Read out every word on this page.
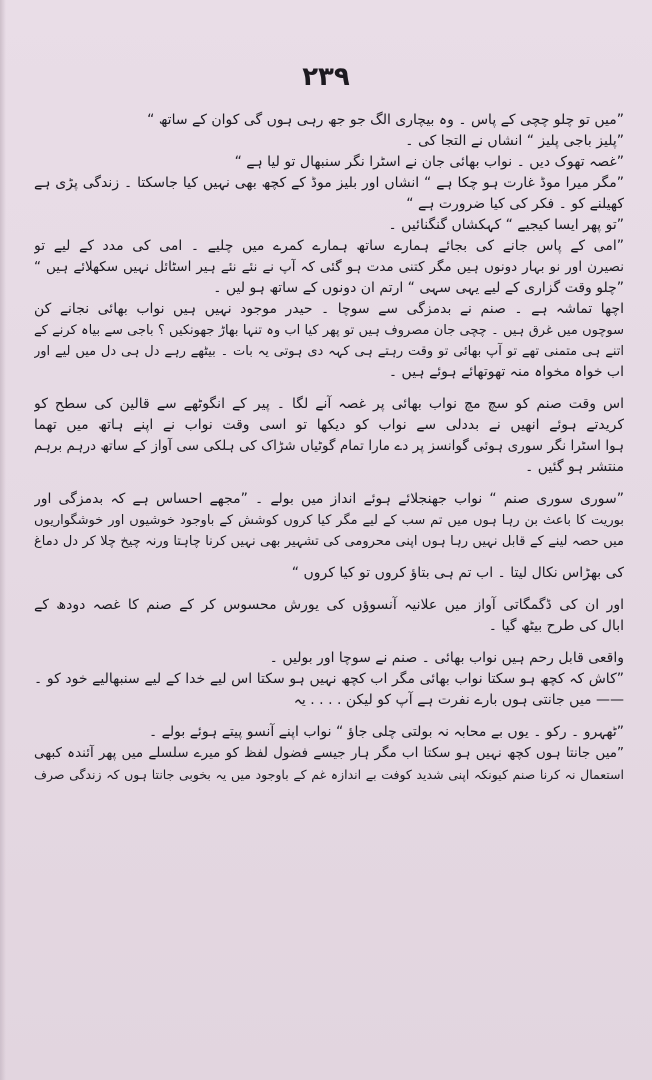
۲۳۹

”میں تو چلو چچی کے پاس ۔ وہ بیچاری الگ جو جھ رہی ہوں گی کوان کے ساتھ “

”پلیز باجی پلیز “ انشاں نے التجا کی ۔

”غصہ تھوک دیں ۔ نواب بھائی جان نے اسٹرا نگر سنبھال تو لیا ہے “

”مگر میرا موڈ غارت ہو چکا ہے “ انشاں اور بلیز موڈ کے کچھ بھی نہیں کیا جاسکتا ۔ زندگی پڑی ہے

کھیلنے کو ۔ فکر کی کیا ضرورت ہے “

”تو پھر ایسا کیجیے “ کہکشاں گنگنائیں ۔

”امی کے پاس جانے کی بجائے ہمارے ساتھ ہمارے کمرے میں چلیے ۔ امی کی مدد کے لیے تو

نصیرن اور نو بہار دونوں ہیں مگر کتنی مدت ہو گئی کہ آپ نے نئے نئے ہیر اسٹائل نہیں سکھلائے ہیں “

”چلو وقت گزاری کے لیے یہی سہی “ ارتم ان دونوں کے ساتھ ہو لیں ۔

اچھا تماشہ ہے ۔ صنم نے بدمزگی سے سوچا ۔ حیدر موجود نہیں ہیں نواب بھائی نجانے کن

سوچوں میں غرق ہیں ۔ چچی جان مصروف ہیں تو پھر کیا اب وہ تنہا بھاڑ جھونکیں ؟ باجی سے بیاہ کرنے کے

اتنے ہی متمنی تھے تو آپ بھائی تو وقت رہتے ہی کہہ دی ہوتی یہ بات ۔ بیٹھے رہے دل ہی دل میں لیے اور

اب خواہ مخواہ منہ تھوتھائے ہوئے ہیں ۔

اس وقت صنم کو سچ مچ نواب بھائی پر غصہ آنے لگا ۔ پیر کے انگوٹھے سے قالین کی سطح کو

کریدتے ہوئے انھیں نے بددلی سے نواب کو دیکھا تو اسی وقت نواب نے اپنے ہاتھ میں تھما

ہوا اسٹرا نگر سوری ہوئی گوانسز پر دے مارا تمام گوٹیاں شڑاک کی ہلکی سی آواز کے ساتھ درہم برہم

منتشر ہو گئیں ۔

”سوری سوری صنم “ نواب جھنجلائے ہوئے انداز میں بولے ۔ ”مجھے احساس ہے کہ بدمزگی اور

بوریت کا باعث بن رہا ہوں میں تم سب کے لیے مگر کیا کروں کوشش کے باوجود خوشیوں اور خوشگواریوں

میں حصہ لینے کے قابل نہیں رہا ہوں اپنی محرومی کی تشہیر بھی نہیں کرنا چاہتا ورنہ چیخ چلا کر دل دماغ

کی بھڑاس نکال لیتا ۔ اب تم ہی بتاؤ کروں تو کیا کروں “

اور ان کی ڈگمگاتی آواز میں علانیہ آنسوؤں کی یورش محسوس کر کے صنم کا غصہ دودھ کے

ابال کی طرح بیٹھ گیا ۔

واقعی قابل رحم ہیں نواب بھائی ۔ صنم نے سوچا اور بولیں ۔

”کاش کہ کچھ ہو سکتا نواب بھائی مگر اب کچھ نہیں ہو سکتا اس لیے خدا کے لیے سنبھالیے خود کو ۔

—— میں جانتی ہوں بارے نفرت ہے آپ کو لیکن . . . . یہ

”ٹھہرو ۔ رکو ۔ یوں بے محابہ نہ بولتی چلی جاؤ “ نواب اپنے آنسو پیتے ہوئے بولے ۔

”میں جانتا ہوں کچھ نہیں ہو سکتا اب مگر ہار جیسے فضول لفظ کو میرے سلسلے میں پھر آئندہ کبھی

استعمال نہ کرنا صنم کیونکہ اپنی شدید کوفت بے اندازہ غم کے باوجود میں یہ بخوبی جانتا ہوں کہ زندگی صرف
